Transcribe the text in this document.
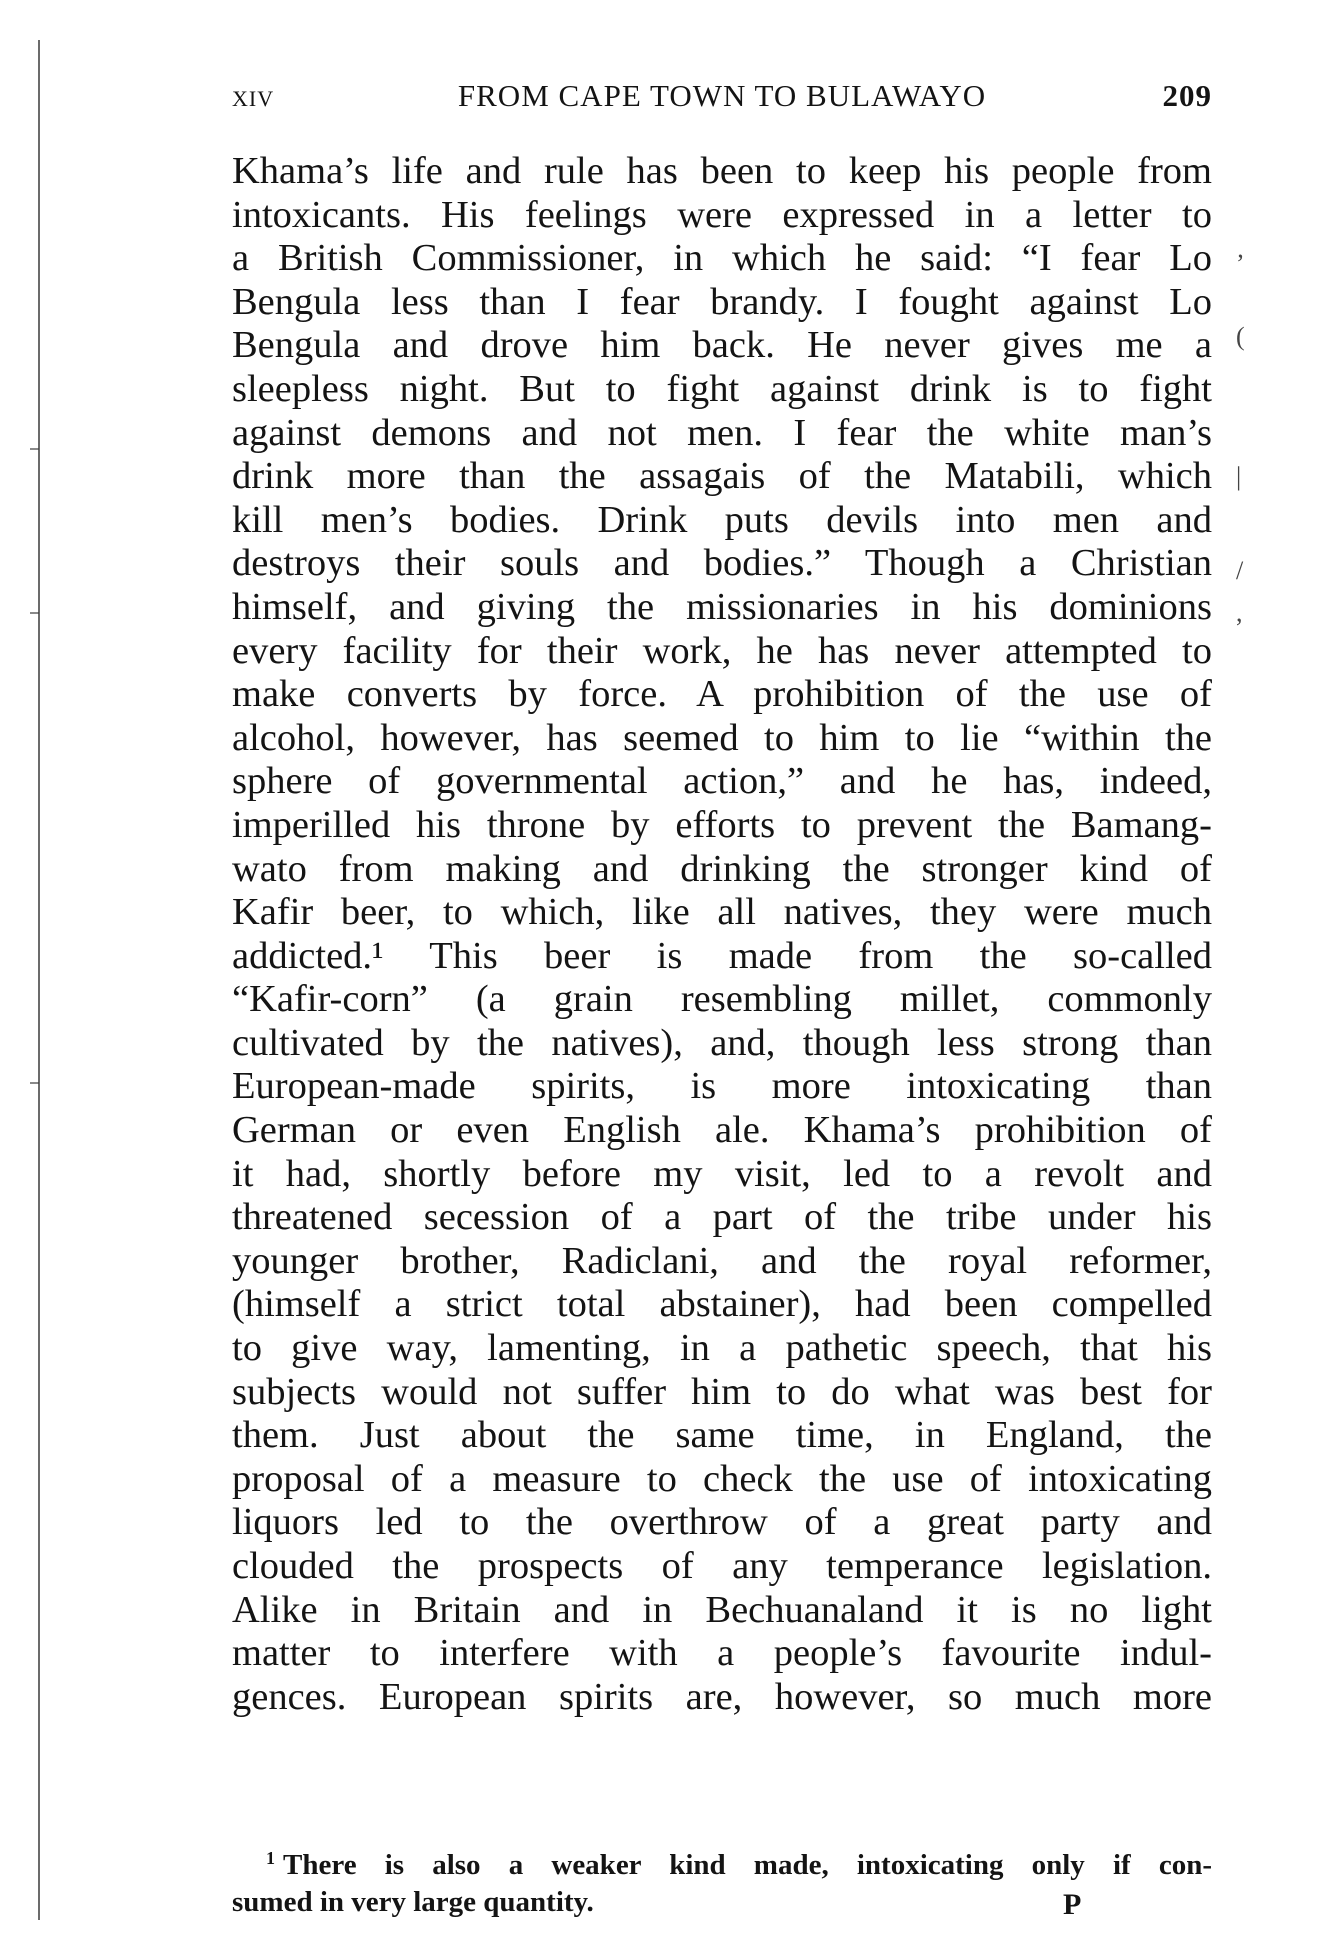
xiv	FROM CAPE TOWN TO BULAWAYO	209
Khama’s life and rule has been to keep his people from
intoxicants. His feelings were expressed in a letter to
a British Commissioner, in which he said: “I fear Lo
Bengula less than I fear brandy. I fought against Lo
Bengula and drove him back. He never gives me a
sleepless night. But to fight against drink is to fight
against demons and not men. I fear the white man’s
drink more than the assagais of the Matabili, which
kill men’s bodies. Drink puts devils into men and
destroys their souls and bodies.” Though a Christian
himself, and giving the missionaries in his dominions
every facility for their work, he has never attempted to
make converts by force. A prohibition of the use of
alcohol, however, has seemed to him to lie “within the
sphere of governmental action,” and he has, indeed,
imperilled his throne by efforts to prevent the Bamang-
wato from making and drinking the stronger kind of
Kafir beer, to which, like all natives, they were much
addicted.¹ This beer is made from the so-called
“Kafir-corn” (a grain resembling millet, commonly
cultivated by the natives), and, though less strong than
European-made spirits, is more intoxicating than
German or even English ale. Khama’s prohibition of
it had, shortly before my visit, led to a revolt and
threatened secession of a part of the tribe under his
younger brother, Radiclani, and the royal reformer,
(himself a strict total abstainer), had been compelled
to give way, lamenting, in a pathetic speech, that his
subjects would not suffer him to do what was best for
them. Just about the same time, in England, the
proposal of a measure to check the use of intoxicating
liquors led to the overthrow of a great party and
clouded the prospects of any temperance legislation.
Alike in Britain and in Bechuanaland it is no light
matter to interfere with a people’s favourite indul-
gences. European spirits are, however, so much more
‚
(
|
/
,
$^1$ There is also a weaker kind made, intoxicating only if con-
sumed in very large quantity.	P
